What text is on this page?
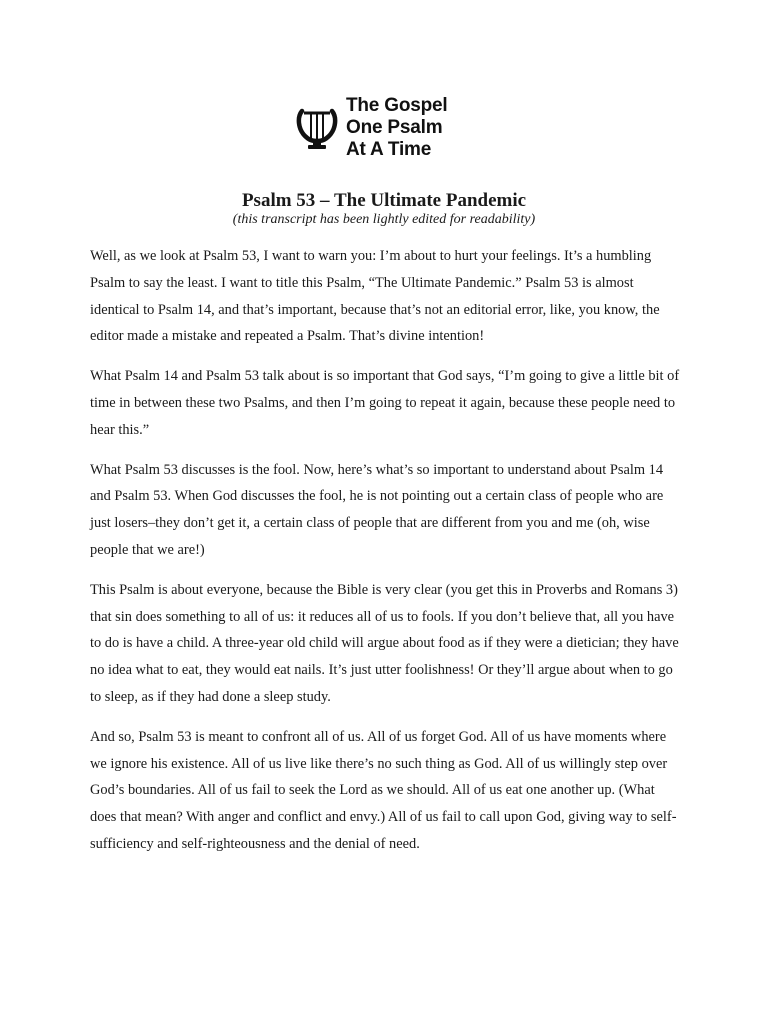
The Gospel
One Psalm
At A Time
Psalm 53 – The Ultimate Pandemic

(this transcript has been lightly edited for readability)

Well, as we look at Psalm 53, I want to warn you: I’m about to hurt your feelings. It’s a humbling Psalm to say the least. I want to title this Psalm, “The Ultimate Pandemic.” Psalm 53 is almost identical to Psalm 14, and that’s important, because that’s not an editorial error, like, you know, the editor made a mistake and repeated a Psalm. That’s divine intention!

What Psalm 14 and Psalm 53 talk about is so important that God says, “I’m going to give a little bit of time in between these two Psalms, and then I’m going to repeat it again, because these people need to hear this.”

What Psalm 53 discusses is the fool. Now, here’s what’s so important to understand about Psalm 14 and Psalm 53. When God discusses the fool, he is not pointing out a certain class of people who are just losers–they don’t get it, a certain class of people that are different from you and me (oh, wise people that we are!)

This Psalm is about everyone, because the Bible is very clear (you get this in Proverbs and Romans 3) that sin does something to all of us: it reduces all of us to fools. If you don’t believe that, all you have to do is have a child. A three-year old child will argue about food as if they were a dietician; they have no idea what to eat, they would eat nails. It’s just utter foolishness! Or they’ll argue about when to go to sleep, as if they had done a sleep study.

And so, Psalm 53 is meant to confront all of us. All of us forget God. All of us have moments where we ignore his existence. All of us live like there’s no such thing as God. All of us willingly step over God’s boundaries. All of us fail to seek the Lord as we should. All of us eat one another up. (What does that mean? With anger and conflict and envy.) All of us fail to call upon God, giving way to self-sufficiency and self-righteousness and the denial of need.
